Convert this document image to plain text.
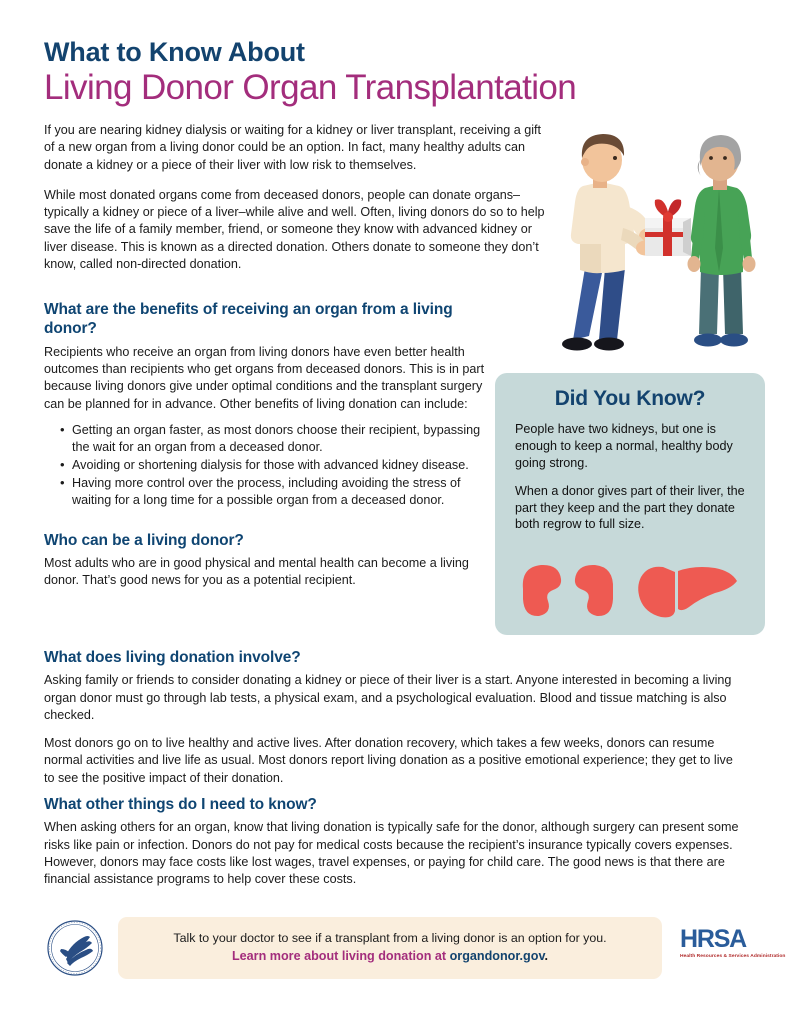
What to Know About
Living Donor Organ Transplantation

If you are nearing kidney dialysis or waiting for a kidney or liver transplant, receiving a gift of a new organ from a living donor could be an option. In fact, many healthy adults can donate a kidney or a piece of their liver with low risk to themselves.

While most donated organs come from deceased donors, people can donate organs–typically a kidney or piece of a liver–while alive and well. Often, living donors do so to help save the life of a family member, friend, or someone they know with advanced kidney or liver disease. This is known as a directed donation. Others donate to someone they don’t know, called non-directed donation.

What are the benefits of receiving an organ from a living donor?

Recipients who receive an organ from living donors have even better health outcomes than recipients who get organs from deceased donors. This is in part because living donors give under optimal conditions and the transplant surgery can be planned for in advance. Other benefits of living donation can include:

• Getting an organ faster, as most donors choose their recipient, bypassing the wait for an organ from a deceased donor.
• Avoiding or shortening dialysis for those with advanced kidney disease.
• Having more control over the process, including avoiding the stress of waiting for a long time for a possible organ from a deceased donor.
Who can be a living donor?

Most adults who are in good physical and mental health can become a living donor. That’s good news for you as a potential recipient.

Did You Know?

People have two kidneys, but one is enough to keep a normal, healthy body going strong.

When a donor gives part of their liver, the part they keep and the part they donate both regrow to full size.

What does living donation involve?

Asking family or friends to consider donating a kidney or piece of their liver is a start. Anyone interested in becoming a living organ donor must go through lab tests, a physical exam, and a psychological evaluation. Blood and tissue matching is also checked.

Most donors go on to live healthy and active lives. After donation recovery, which takes a few weeks, donors can resume normal activities and live life as usual. Most donors report living donation as a positive emotional experience; they get to live to see the positive impact of their donation.

What other things do I need to know?

When asking others for an organ, know that living donation is typically safe for the donor, although surgery can present some risks like pain or infection. Donors do not pay for medical costs because the recipient’s insurance typically covers expenses. However, donors may face costs like lost wages, travel expenses, or paying for child care. The good news is that there are financial assistance programs to help cover these costs.

Talk to your doctor to see if a transplant from a living donor is an option for you.
Learn more about living donation at organdonor.gov.
HRSA
Health Resources & Services Administration
